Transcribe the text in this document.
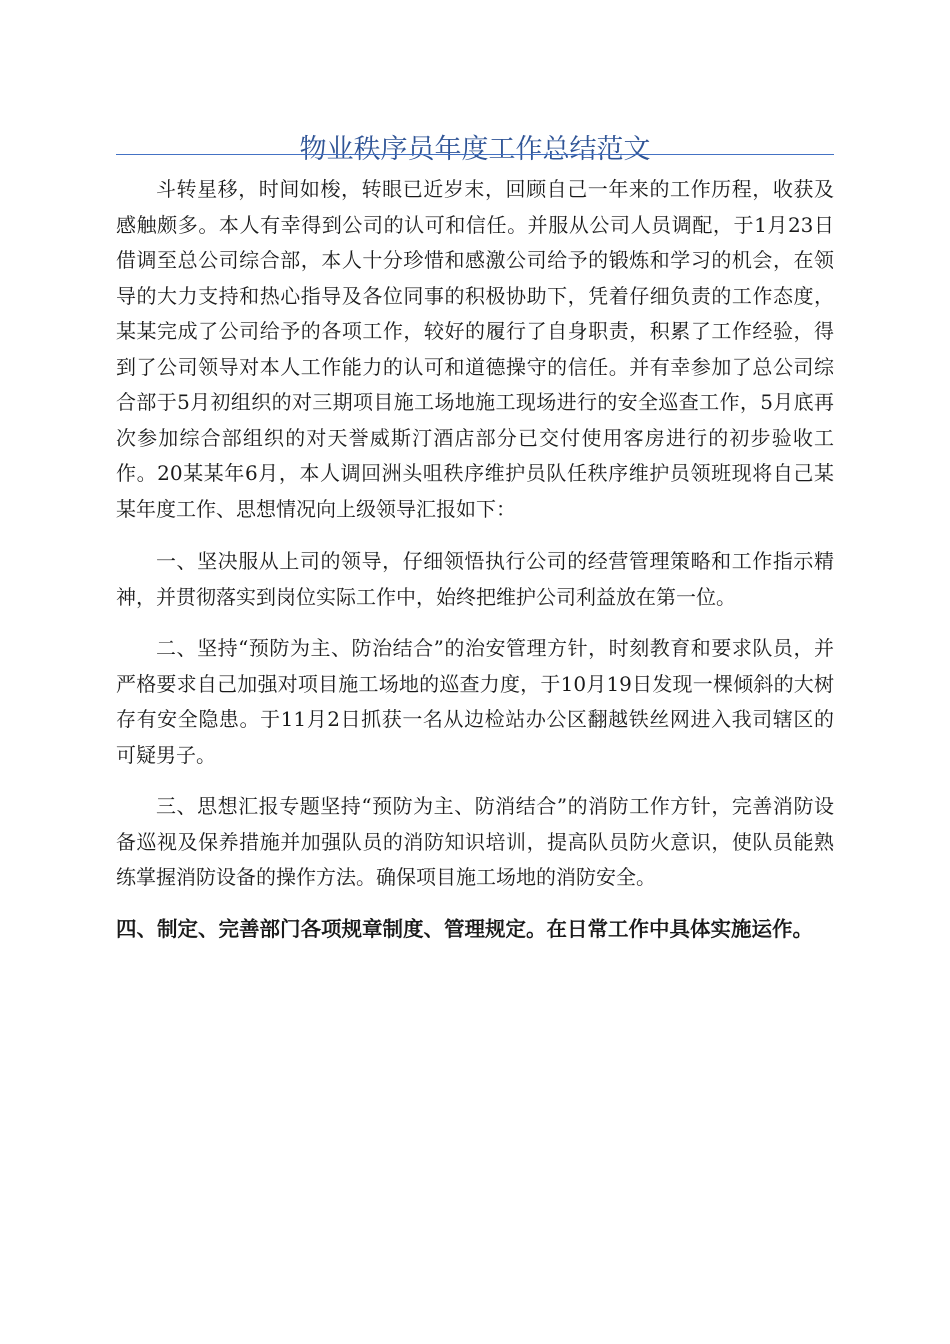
物业秩序员年度工作总结范文

斗转星移，时间如梭，转眼已近岁末，回顾自己一年来的工作历程，收获及感触颇多。本人有幸得到公司的认可和信任。并服从公司人员调配，于1月23日借调至总公司综合部，本人十分珍惜和感激公司给予的锻炼和学习的机会，在领导的大力支持和热心指导及各位同事的积极协助下，凭着仔细负责的工作态度，某某完成了公司给予的各项工作，较好的履行了自身职责，积累了工作经验，得到了公司领导对本人工作能力的认可和道德操守的信任。并有幸参加了总公司综合部于5月初组织的对三期项目施工场地施工现场进行的安全巡查工作，5月底再次参加综合部组织的对天誉威斯汀酒店部分已交付使用客房进行的初步验收工作。20某某年6月，本人调回洲头咀秩序维护员队任秩序维护员领班现将自己某某年度工作、思想情况向上级领导汇报如下：

一、坚决服从上司的领导，仔细领悟执行公司的经营管理策略和工作指示精神，并贯彻落实到岗位实际工作中，始终把维护公司利益放在第一位。

二、坚持“预防为主、防治结合”的治安管理方针，时刻教育和要求队员，并严格要求自己加强对项目施工场地的巡查力度，于10月19日发现一棵倾斜的大树存有安全隐患。于11月2日抓获一名从边检站办公区翻越铁丝网进入我司辖区的可疑男子。

三、思想汇报专题坚持“预防为主、防消结合”的消防工作方针，完善消防设备巡视及保养措施并加强队员的消防知识培训，提高队员防火意识，使队员能熟练掌握消防设备的操作方法。确保项目施工场地的消防安全。

四、制定、完善部门各项规章制度、管理规定。在日常工作中具体实施运作。
